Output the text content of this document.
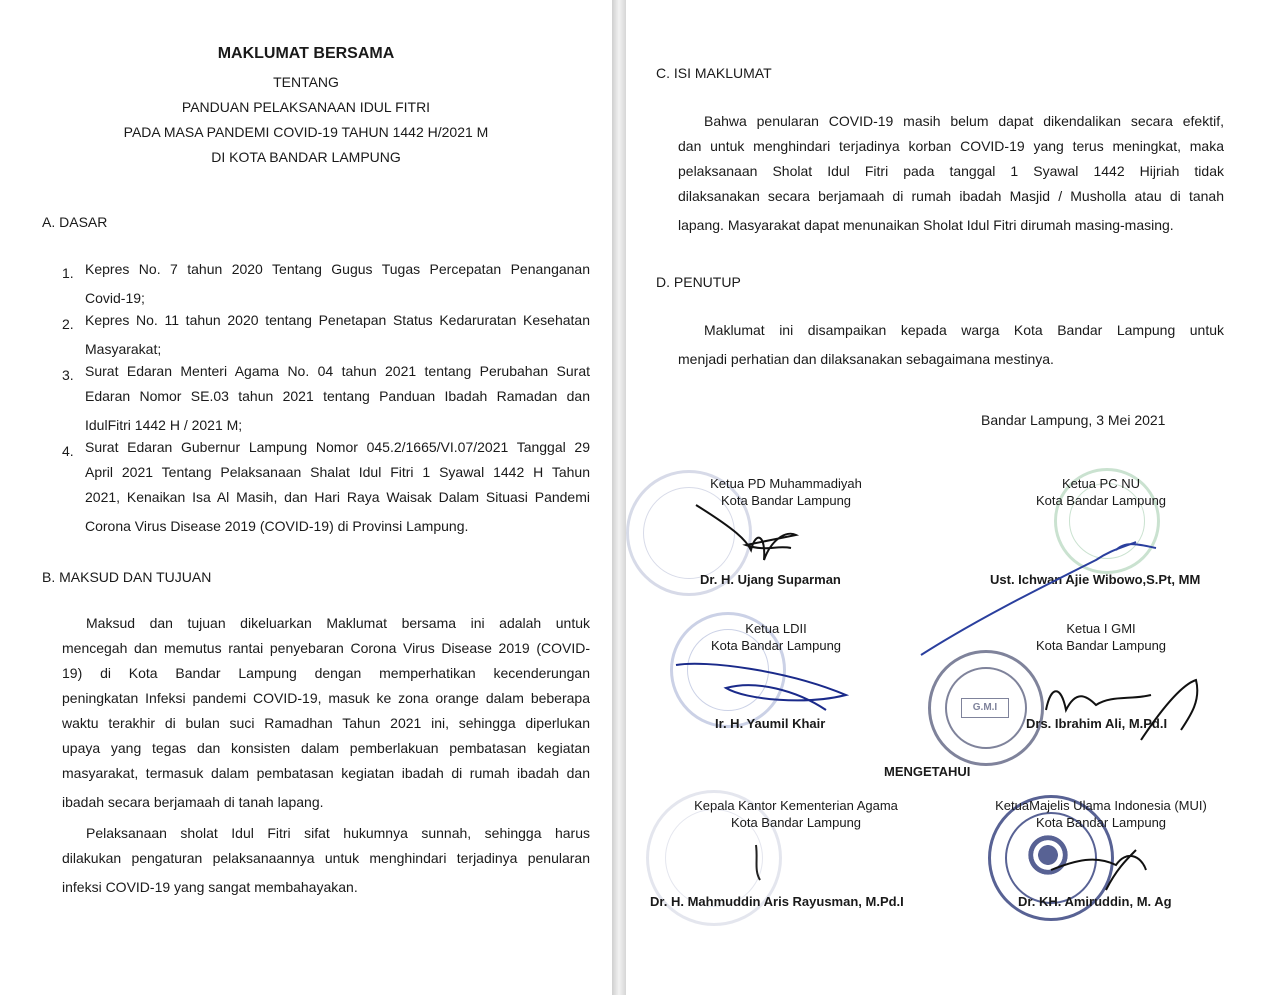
MAKLUMAT BERSAMA
TENTANG
PANDUAN PELAKSANAAN IDUL FITRI
PADA MASA PANDEMI COVID-19 TAHUN 1442 H/2021 M
DI KOTA BANDAR LAMPUNG
A. DASAR
1. Kepres No. 7 tahun 2020 Tentang Gugus Tugas Percepatan Penanganan
Covid-19;
2. Kepres No. 11 tahun 2020 tentang Penetapan Status Kedaruratan Kesehatan
Masyarakat;
3. Surat Edaran Menteri Agama No. 04 tahun 2021 tentang Perubahan Surat
Edaran Nomor SE.03 tahun 2021 tentang Panduan Ibadah Ramadan dan
IdulFitri 1442 H / 2021 M;
4. Surat Edaran Gubernur Lampung Nomor 045.2/1665/VI.07/2021 Tanggal 29
April 2021 Tentang Pelaksanaan Shalat Idul Fitri 1 Syawal 1442 H Tahun
2021, Kenaikan Isa Al Masih, dan Hari Raya Waisak Dalam Situasi Pandemi
Corona Virus Disease 2019 (COVID-19) di Provinsi Lampung.
B. MAKSUD DAN TUJUAN
Maksud dan tujuan dikeluarkan Maklumat bersama ini adalah untuk
mencegah dan memutus rantai penyebaran Corona Virus Disease 2019 (COVID-
19) di Kota Bandar Lampung dengan memperhatikan kecenderungan
peningkatan Infeksi pandemi COVID-19, masuk ke zona orange dalam beberapa
waktu terakhir di bulan suci Ramadhan Tahun 2021 ini, sehingga diperlukan
upaya yang tegas dan konsisten dalam pemberlakuan pembatasan kegiatan
masyarakat, termasuk dalam pembatasan kegiatan ibadah di rumah ibadah dan
ibadah secara berjamaah di tanah lapang.
Pelaksanaan sholat Idul Fitri sifat hukumnya sunnah, sehingga harus
dilakukan pengaturan pelaksanaannya untuk menghindari terjadinya penularan
infeksi COVID-19 yang sangat membahayakan.
C. ISI MAKLUMAT
Bahwa penularan COVID-19 masih belum dapat dikendalikan secara efektif,
dan untuk menghindari terjadinya korban COVID-19 yang terus meningkat, maka
pelaksanaan Sholat Idul Fitri pada tanggal 1 Syawal 1442 Hijriah tidak
dilaksanakan secara berjamaah di rumah ibadah Masjid / Musholla atau di tanah
lapang. Masyarakat dapat menunaikan Sholat Idul Fitri dirumah masing-masing.
D. PENUTUP
Maklumat ini disampaikan kepada warga Kota Bandar Lampung untuk
menjadi perhatian dan dilaksanakan sebagaimana mestinya.
Bandar Lampung, 3 Mei 2021
G.M.I
Ketua PD Muhammadiyah
Kota Bandar Lampung
Dr. H. Ujang Suparman
Ketua PC NU
Kota Bandar Lampung
Ust. Ichwan Ajie Wibowo,S.Pt, MM
Ketua LDII
Kota Bandar Lampung
Ir. H. Yaumil Khair
Ketua I GMI
Kota Bandar Lampung
Drs. Ibrahim Ali, M.Pd.I
MENGETAHUI
Kepala Kantor Kementerian Agama
Kota Bandar Lampung
Dr. H. Mahmuddin Aris Rayusman, M.Pd.I
KetuaMajelis Ulama Indonesia (MUI)
Kota Bandar Lampung
Dr. KH. Amiruddin, M. Ag
